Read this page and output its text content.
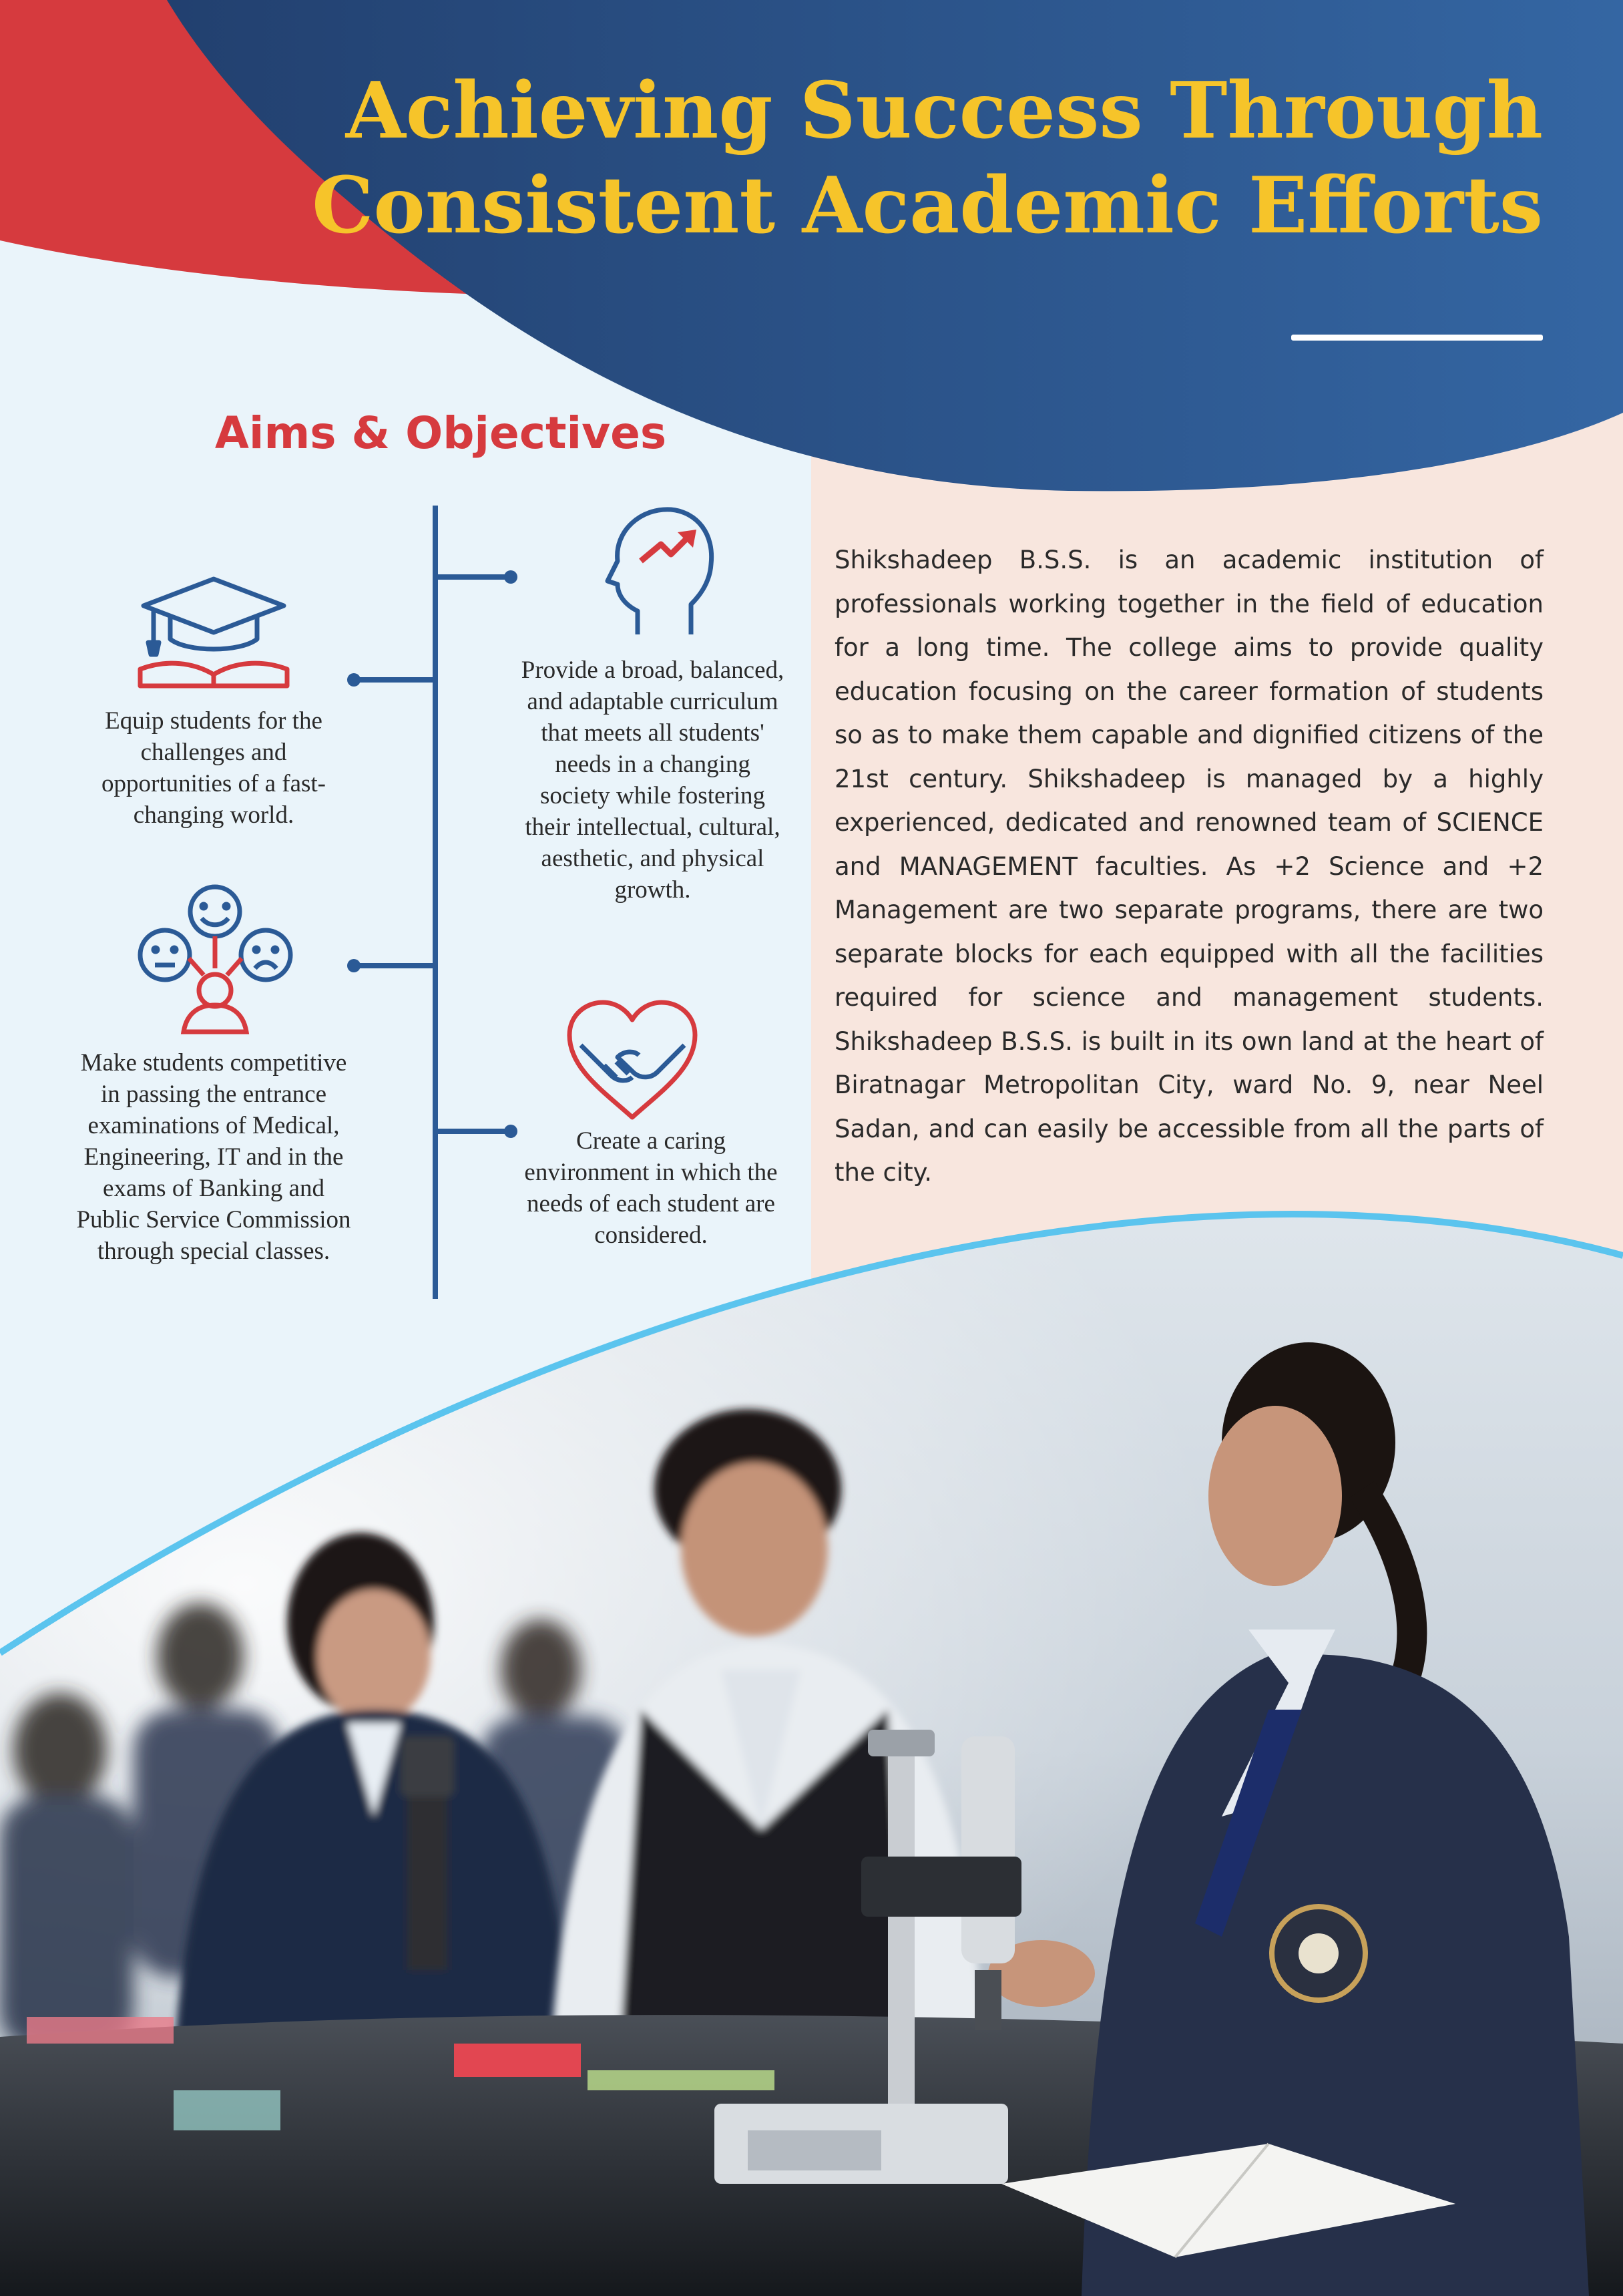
Achieving Success Through
Consistent Academic Efforts
Aims & Objectives

Equip students for the challenges and opportunities of a fast-changing world.

Provide a broad, balanced, and adaptable curriculum that meets all students' needs in a changing society while fostering their intellectual, cultural, aesthetic, and physical growth.

Make students competitive in passing the entrance examinations of Medical, Engineering, IT and in the exams of Banking and Public Service Commission through special classes.

Create a caring environment in which the needs of each student are considered.

Shikshadeep B.S.S. is an academic institution of professionals working together in the field of education for a long time. The college aims to provide quality education focusing on the career formation of students so as to make them capable and dignified citizens of the 21st century. Shikshadeep is managed by a highly experienced, dedicated and renowned team of SCIENCE and MANAGEMENT faculties. As +2 Science and +2 Management are two separate programs, there are two separate blocks for each equipped with all the facilities required for science and management students. Shikshadeep B.S.S. is built in its own land at the heart of Biratnagar Metropolitan City, ward No. 9, near Neel Sadan, and can easily be accessible from all the parts of the city.
